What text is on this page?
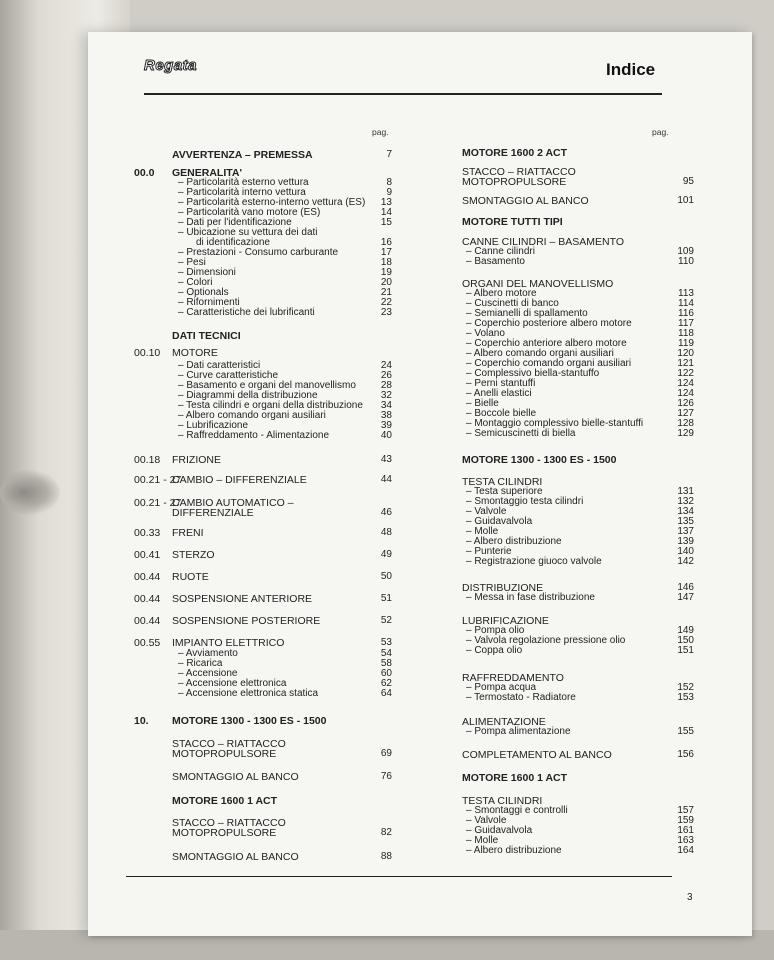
Regata	Indice
pag.	pag.
AVVERTENZA – PREMESSA	7
00.0 GENERALITA'
– Particolarità esterno vettura	8
– Particolarità interno vettura	9
– Particolarità esterno-interno vettura (ES)	13
– Particolarità vano motore (ES)	14
– Dati per l'identificazione	15
– Ubicazione su vettura dei dati
di identificazione	16
– Prestazioni - Consumo carburante	17
– Pesi	18
– Dimensioni	19
– Colori	20
– Optionals	21
– Rifornimenti	22
– Caratteristiche dei lubrificanti	23
DATI TECNICI
00.10 MOTORE
– Dati caratteristici	24
– Curve caratteristiche	26
– Basamento e organi del manovellismo	28
– Diagrammi della distribuzione	32
– Testa cilindri e organi della distribuzione	34
– Albero comando organi ausiliari	38
– Lubrificazione	39
– Raffreddamento - Alimentazione	40
00.18 FRIZIONE	43
00.21 - 27
CAMBIO – DIFFERENZIALE	44
00.21 - 27
CAMBIO AUTOMATICO –
DIFFERENZIALE	46
00.33 FRENI	48
00.41 STERZO	49
00.44 RUOTE	50
00.44 SOSPENSIONE ANTERIORE	51
00.44 SOSPENSIONE POSTERIORE	52
00.55 IMPIANTO ELETTRICO	53
– Avviamento	54
– Ricarica	58
– Accensione	60
– Accensione elettronica	62
– Accensione elettronica statica	64
10. MOTORE 1300 - 1300 ES - 1500
STACCO – RIATTACCO
MOTOPROPULSORE	69
SMONTAGGIO AL BANCO	76
MOTORE 1600 1 ACT
STACCO – RIATTACCO
MOTOPROPULSORE	82
SMONTAGGIO AL BANCO	88
MOTORE 1600 2 ACT
STACCO – RIATTACCO
MOTOPROPULSORE	95
SMONTAGGIO AL BANCO	101
MOTORE TUTTI TIPI
CANNE CILINDRI – BASAMENTO
– Canne cilindri	109
– Basamento	110
ORGANI DEL MANOVELLISMO
– Albero motore	113
– Cuscinetti di banco	114
– Semianelli di spallamento	116
– Coperchio posteriore albero motore	117
– Volano	118
– Coperchio anteriore albero motore	119
– Albero comando organi ausiliari	120
– Coperchio comando organi ausiliari	121
– Complessivo biella-stantuffo	122
– Perni stantuffi	124
– Anelli elastici	124
– Bielle	126
– Boccole bielle	127
– Montaggio complessivo bielle-stantuffi	128
– Semicuscinetti di biella	129
MOTORE 1300 - 1300 ES - 1500
TESTA CILINDRI
– Testa superiore	131
– Smontaggio testa cilindri	132
– Valvole	134
– Guidavalvola	135
– Molle	137
– Albero distribuzione	139
– Punterie	140
– Registrazione giuoco valvole	142
DISTRIBUZIONE	146
– Messa in fase distribuzione	147
LUBRIFICAZIONE
– Pompa olio	149
– Valvola regolazione pressione olio	150
– Coppa olio	151
RAFFREDDAMENTO
– Pompa acqua	152
– Termostato - Radiatore	153
ALIMENTAZIONE
– Pompa alimentazione	155
COMPLETAMENTO AL BANCO	156
MOTORE 1600 1 ACT
TESTA CILINDRI
– Smontaggi e controlli	157
– Valvole	159
– Guidavalvola	161
– Molle	163
– Albero distribuzione	164
3
